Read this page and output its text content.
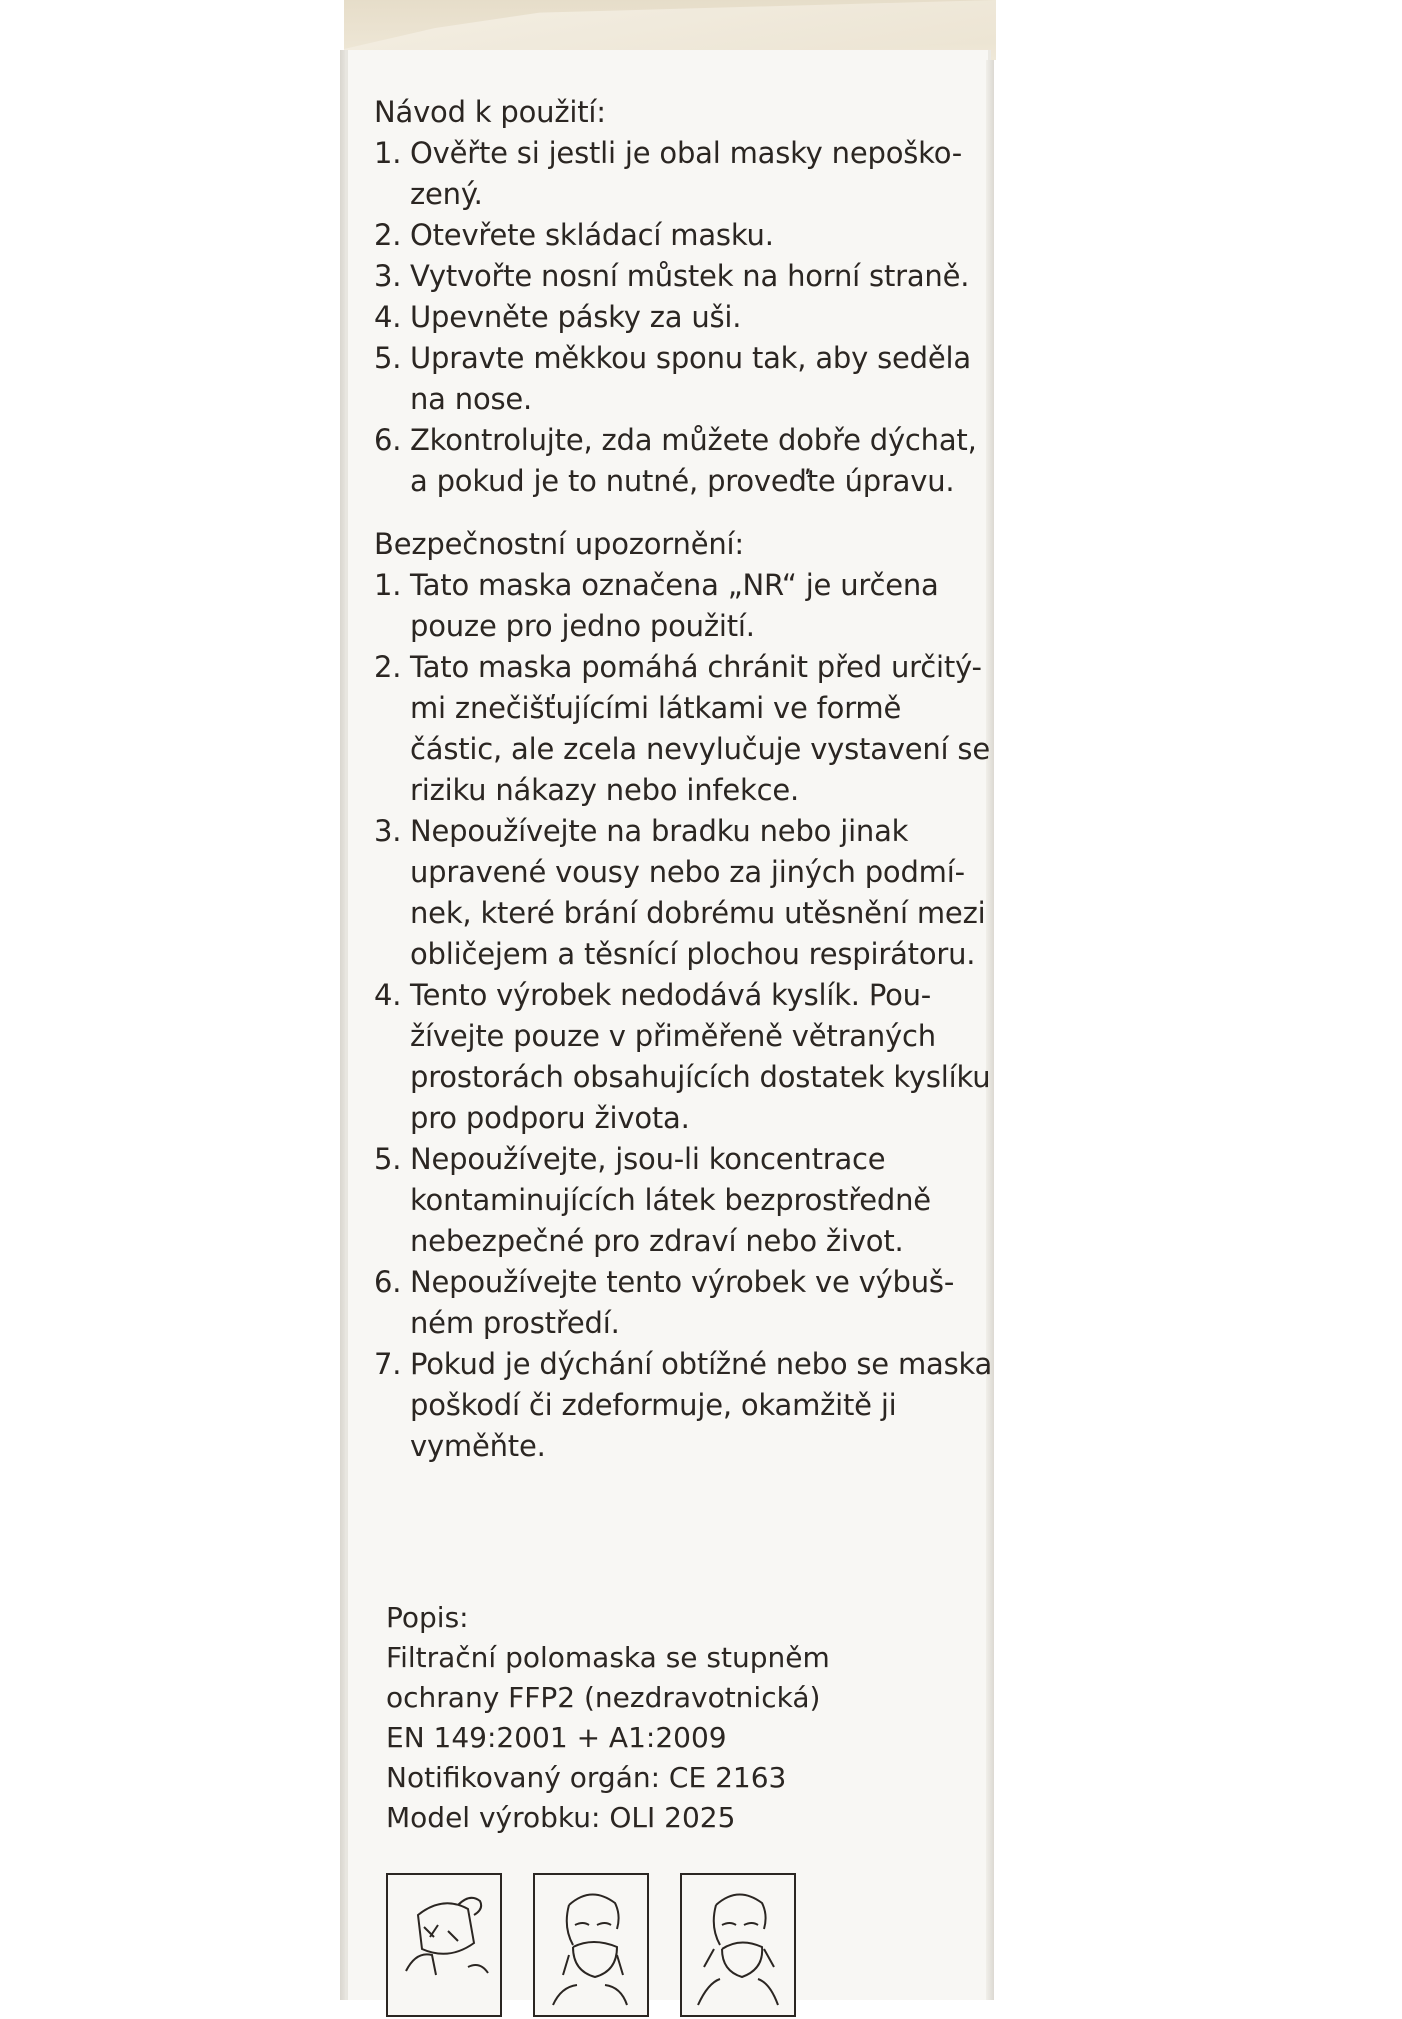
Návod k použití:

1. Ověřte si jestli je obal masky nepoško-zený.
2. Otevřete skládací masku.
3. Vytvořte nosní můstek na horní straně.
4. Upevněte pásky za uši.
5. Upravte měkkou sponu tak, aby seděla na nose.
6. Zkontrolujte, zda můžete dobře dýchat, a pokud je to nutné, proveďte úpravu.

Bezpečnostní upozornění:

1. Tato maska označena „NR“ je určena pouze pro jedno použití.
2. Tato maska pomáhá chránit před určitý-mi znečišťujícími látkami ve formě částic, ale zcela nevylučuje vystavení se riziku nákazy nebo infekce.
3. Nepoužívejte na bradku nebo jinak upravené vousy nebo za jiných podmí-nek, které brání dobrému utěsnění mezi obličejem a těsnící plochou respirátoru.
4. Tento výrobek nedodává kyslík. Pou-žívejte pouze v přiměřeně větraných prostorách obsahujících dostatek kyslíku pro podporu života.
5. Nepoužívejte, jsou-li koncentrace kontaminujících látek bezprostředně nebezpečné pro zdraví nebo život.
6. Nepoužívejte tento výrobek ve výbuš-ném prostředí.
7. Pokud je dýchání obtížné nebo se maska poškodí či zdeformuje, okamžitě ji vyměňte.
Popis:
Filtrační polomaska se stupněm
ochrany FFP2 (nezdravotnická)
EN 149:2001 + A1:2009
Notifikovaný orgán: CE 2163
Model výrobku: OLI 2025
